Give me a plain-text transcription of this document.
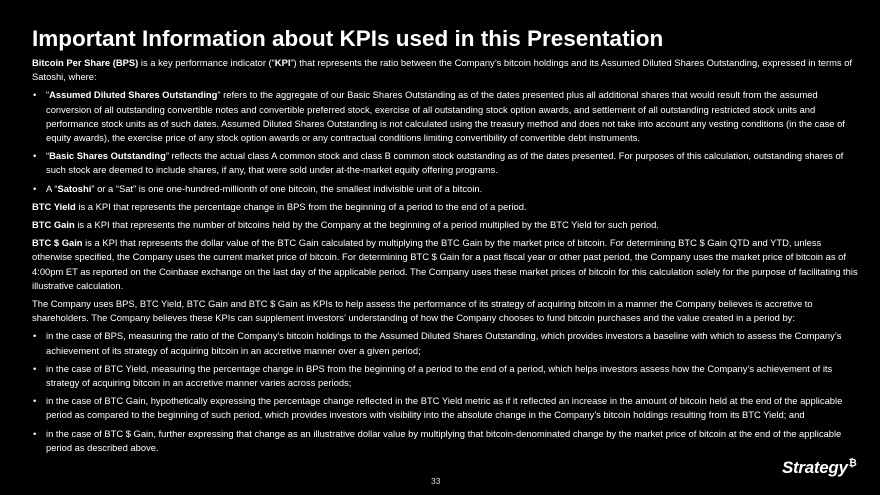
Important Information about KPIs used in this Presentation

Bitcoin Per Share (BPS) is a key performance indicator (“KPI”) that represents the ratio between the Company’s bitcoin holdings and its Assumed Diluted Shares Outstanding, expressed in terms of Satoshi, where:

• “Assumed Diluted Shares Outstanding” refers to the aggregate of our Basic Shares Outstanding as of the dates presented plus all additional shares that would result from the assumed conversion of all outstanding convertible notes and convertible preferred stock, exercise of all outstanding stock option awards, and settlement of all outstanding restricted stock units and performance stock units as of such dates. Assumed Diluted Shares Outstanding is not calculated using the treasury method and does not take into account any vesting conditions (in the case of equity awards), the exercise price of any stock option awards or any contractual conditions limiting convertibility of convertible debt instruments.
• “Basic Shares Outstanding” reflects the actual class A common stock and class B common stock outstanding as of the dates presented. For purposes of this calculation, outstanding shares of such stock are deemed to include shares, if any, that were sold under at-the-market equity offering programs.
• A “Satoshi” or a “Sat” is one one-hundred-millionth of one bitcoin, the smallest indivisible unit of a bitcoin.

BTC Yield is a KPI that represents the percentage change in BPS from the beginning of a period to the end of a period.

BTC Gain is a KPI that represents the number of bitcoins held by the Company at the beginning of a period multiplied by the BTC Yield for such period.

BTC $ Gain is a KPI that represents the dollar value of the BTC Gain calculated by multiplying the BTC Gain by the market price of bitcoin. For determining BTC $ Gain QTD and YTD, unless otherwise specified, the Company uses the current market price of bitcoin. For determining BTC $ Gain for a past fiscal year or other past period, the Company uses the market price of bitcoin as of 4:00pm ET as reported on the Coinbase exchange on the last day of the applicable period. The Company uses these market prices of bitcoin for this calculation solely for the purpose of facilitating this illustrative calculation.

The Company uses BPS, BTC Yield, BTC Gain and BTC $ Gain as KPIs to help assess the performance of its strategy of acquiring bitcoin in a manner the Company believes is accretive to shareholders. The Company believes these KPIs can supplement investors’ understanding of how the Company chooses to fund bitcoin purchases and the value created in a period by:

• in the case of BPS, measuring the ratio of the Company’s bitcoin holdings to the Assumed Diluted Shares Outstanding, which provides investors a baseline with which to assess the Company’s achievement of its strategy of acquiring bitcoin in an accretive manner over a given period;
• in the case of BTC Yield, measuring the percentage change in BPS from the beginning of a period to the end of a period, which helps investors assess how the Company’s achievement of its strategy of acquiring bitcoin in an accretive manner varies across periods;
• in the case of BTC Gain, hypothetically expressing the percentage change reflected in the BTC Yield metric as if it reflected an increase in the amount of bitcoin held at the end of the applicable period as compared to the beginning of such period, which provides investors with visibility into the absolute change in the Company’s bitcoin holdings resulting from its BTC Yield; and
• in the case of BTC $ Gain, further expressing that change as an illustrative dollar value by multiplying that bitcoin-denominated change by the market price of bitcoin at the end of the applicable period as described above.
33
Strategy₿
